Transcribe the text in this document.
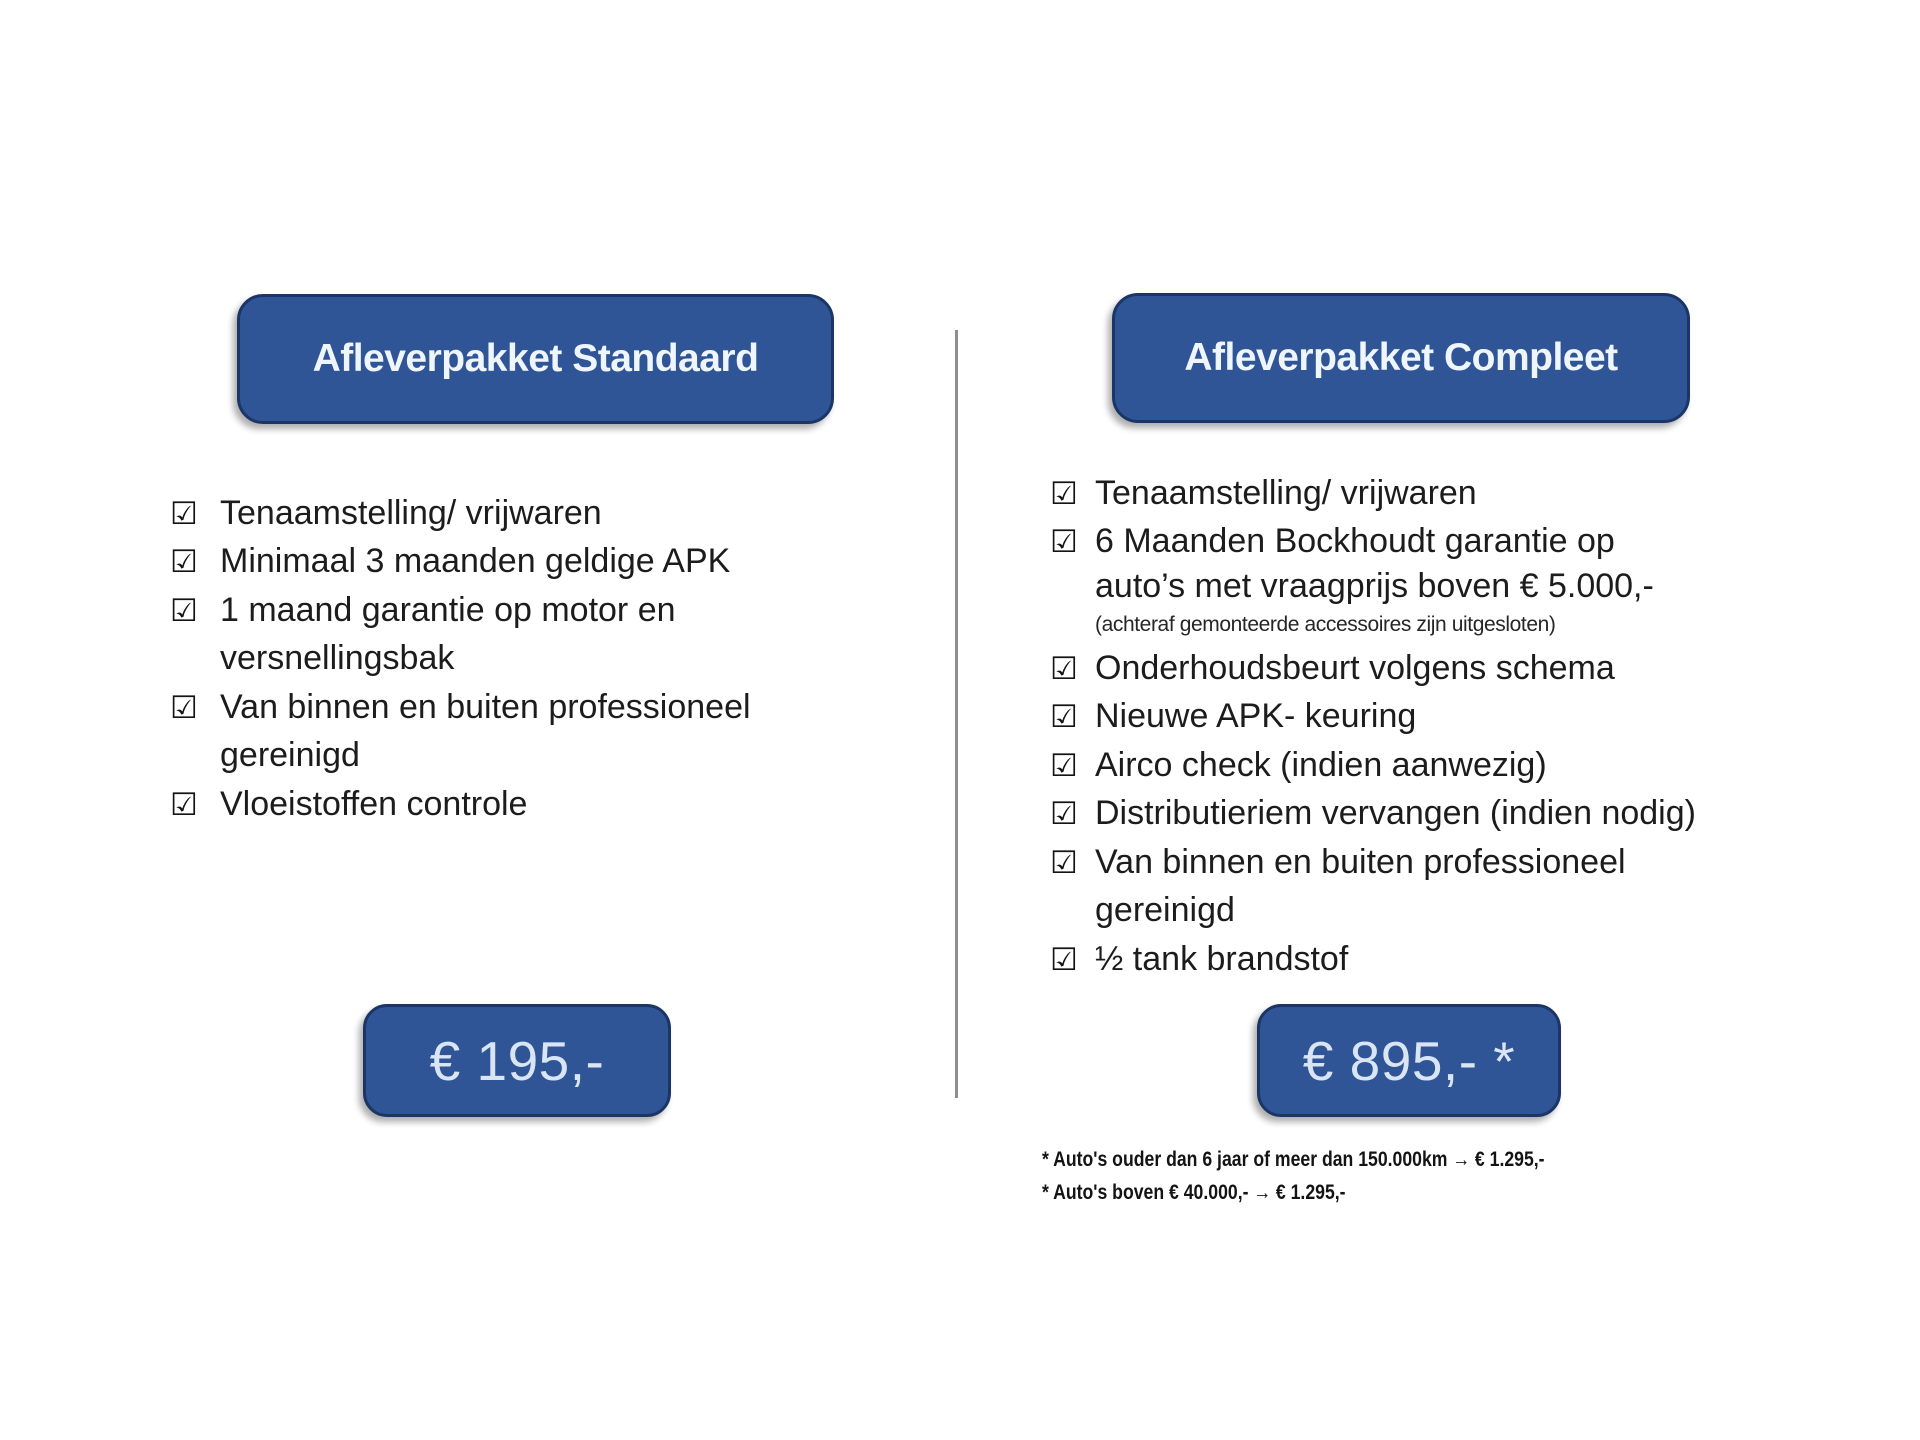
Afleverpakket Standaard
☑ Tenaamstelling/ vrijwaren
☑ Minimaal 3 maanden geldige APK
☑ 1 maand garantie op motor en
versnellingsbak
☑ Van binnen en buiten professioneel
gereinigd
☑ Vloeistoffen controle
€ 195,-
Afleverpakket Compleet
☑ Tenaamstelling/ vrijwaren
☑ 6 Maanden Bockhoudt garantie op
auto’s met vraagprijs boven € 5.000,-
(achteraf gemonteerde accessoires zijn uitgesloten)
☑ Onderhoudsbeurt volgens schema
☑ Nieuwe APK- keuring
☑ Airco check (indien aanwezig)
☑ Distributieriem vervangen (indien nodig)
☑ Van binnen en buiten professioneel
gereinigd
☑ ½ tank brandstof
€ 895,- *
* Auto's ouder dan 6 jaar of meer dan 150.000km → € 1.295,-
* Auto's boven € 40.000,- → € 1.295,-
